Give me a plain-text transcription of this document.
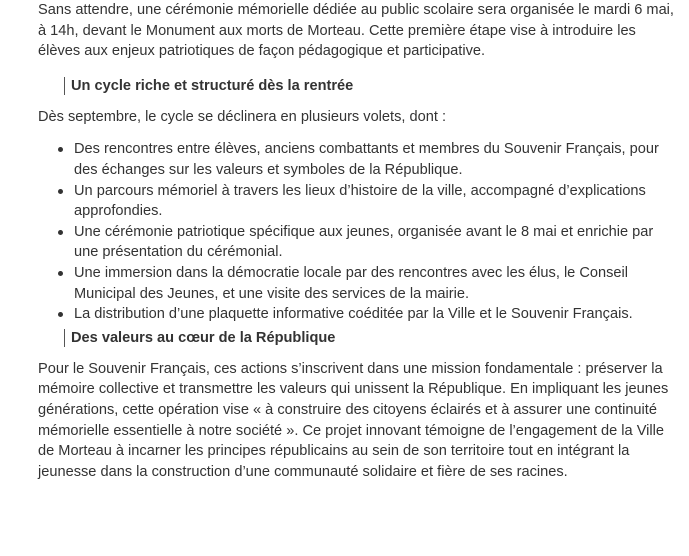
Sans attendre, une cérémonie mémorielle dédiée au public scolaire sera organisée le mardi 6 mai, à 14h, devant le Monument aux morts de Morteau. Cette première étape vise à introduire les élèves aux enjeux patriotiques de façon pédagogique et participative.

Un cycle riche et structuré dès la rentrée

Dès septembre, le cycle se déclinera en plusieurs volets, dont :

Des rencontres entre élèves, anciens combattants et membres du Souvenir Français, pour des échanges sur les valeurs et symboles de la République.
Un parcours mémoriel à travers les lieux d’histoire de la ville, accompagné d’explications approfondies.
Une cérémonie patriotique spécifique aux jeunes, organisée avant le 8 mai et enrichie par une présentation du cérémonial.
Une immersion dans la démocratie locale par des rencontres avec les élus, le Conseil Municipal des Jeunes, et une visite des services de la mairie.
La distribution d’une plaquette informative coéditée par la Ville et le Souvenir Français.
Des valeurs au cœur de la République

Pour le Souvenir Français, ces actions s’inscrivent dans une mission fondamentale : préserver la mémoire collective et transmettre les valeurs qui unissent la République. En impliquant les jeunes générations, cette opération vise « à construire des citoyens éclairés et à assurer une continuité mémorielle essentielle à notre société ». Ce projet innovant témoigne de l’engagement de la Ville de Morteau à incarner les principes républicains au sein de son territoire tout en intégrant la jeunesse dans la construction d’une communauté solidaire et fière de ses racines.
